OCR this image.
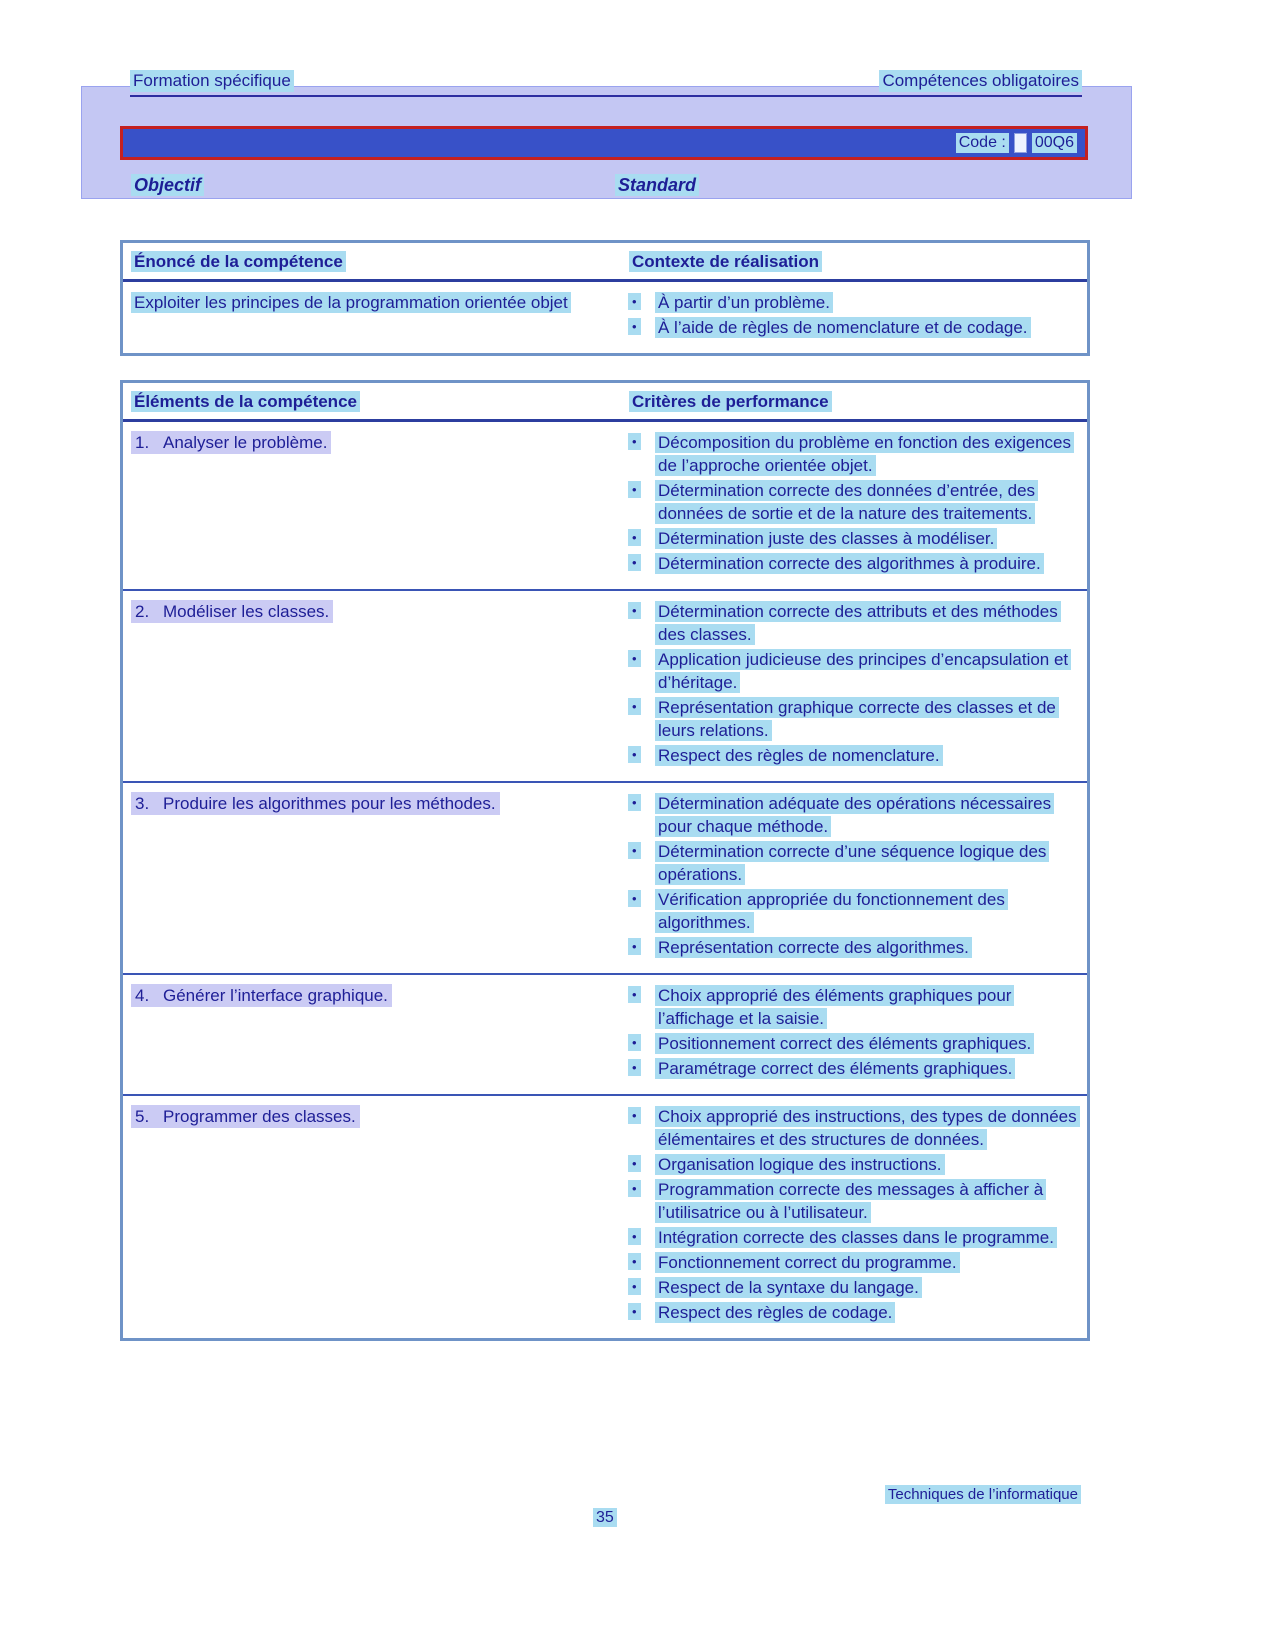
Formation spécifique	Compétences obligatoires
Code : 00Q6
Objectif	Standard
Énoncé de la compétence	Contexte de réalisation
Exploiter les principes de la programmation orientée objet	•	À partir d’un problème.
•	À l’aide de règles de nomenclature et de codage.
Éléments de la compétence	Critères de performance
1. Analyser le problème.	•	Décomposition du problème en fonction des exigences de l’approche orientée objet.
•	Détermination correcte des données d’entrée, des données de sortie et de la nature des traitements.
•	Détermination juste des classes à modéliser.
•	Détermination correcte des algorithmes à produire.
2. Modéliser les classes.	•	Détermination correcte des attributs et des méthodes des classes.
•	Application judicieuse des principes d’encapsulation et d’héritage.
•	Représentation graphique correcte des classes et de leurs relations.
•	Respect des règles de nomenclature.
3. Produire les algorithmes pour les méthodes.	•	Détermination adéquate des opérations nécessaires pour chaque méthode.
•	Détermination correcte d’une séquence logique des opérations.
•	Vérification appropriée du fonctionnement des algorithmes.
•	Représentation correcte des algorithmes.
4. Générer l’interface graphique.	•	Choix approprié des éléments graphiques pour l’affichage et la saisie.
•	Positionnement correct des éléments graphiques.
•	Paramétrage correct des éléments graphiques.
5. Programmer des classes.	•	Choix approprié des instructions, des types de données élémentaires et des structures de données.
•	Organisation logique des instructions.
•	Programmation correcte des messages à afficher à l’utilisatrice ou à l’utilisateur.
•	Intégration correcte des classes dans le programme.
•	Fonctionnement correct du programme.
•	Respect de la syntaxe du langage.
•	Respect des règles de codage.
Techniques de l’informatique
35
